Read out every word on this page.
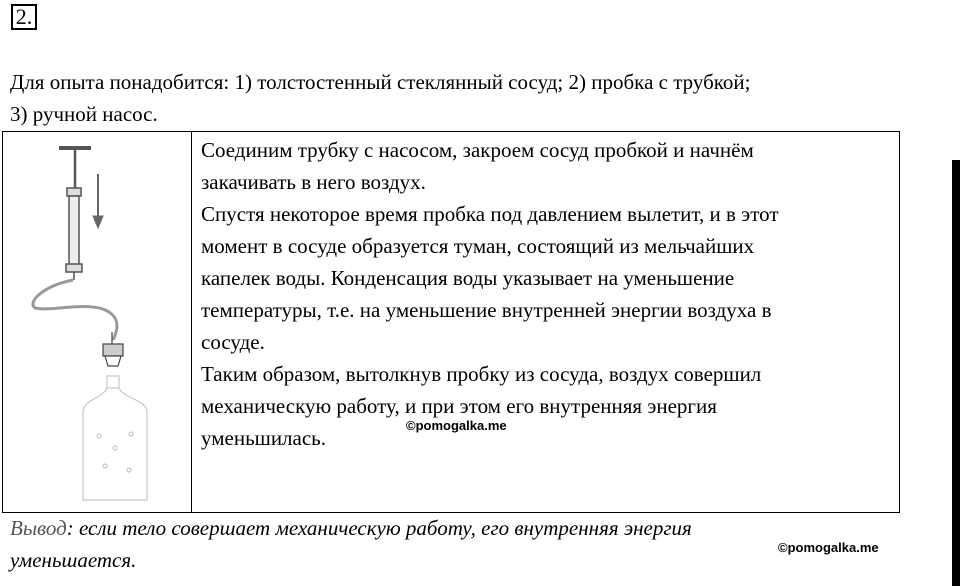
2.
Для опыта понадобится: 1) толстостенный стеклянный сосуд; 2) пробка с трубкой;
3) ручной насос.

Соединим трубку с насосом, закроем сосуд пробкой и начнём

закачивать в него воздух.

Спустя некоторое время пробка под давлением вылетит, и в этот

момент в сосуде образуется туман, состоящий из мельчайших

капелек воды. Конденсация воды указывает на уменьшение

температуры, т.е. на уменьшение внутренней энергии воздуха в

сосуде.

Таким образом, вытолкнув пробку из сосуда, воздух совершил

механическую работу, и при этом его внутренняя энергия

уменьшилась.

©pomogalka.me
Вывод: если тело совершает механическую работу, его внутренняя энергия
уменьшается.
©pomogalka.me
